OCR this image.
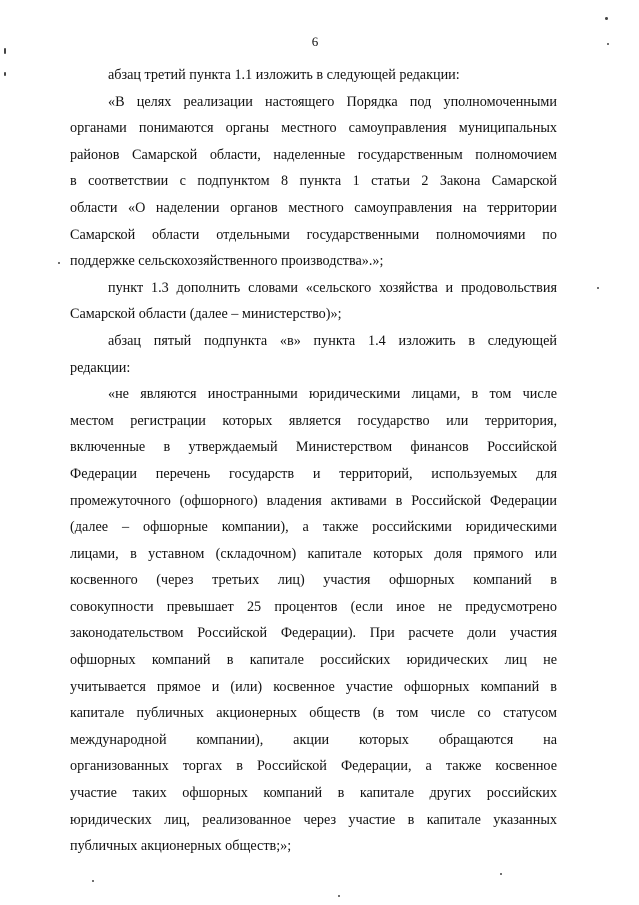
6

абзац третий пункта 1.1 изложить в следующей редакции:

«В целях реализации настоящего Порядка под уполномоченными
органами понимаются органы местного самоуправления муниципальных
районов Самарской области, наделенные государственным полномочием
в соответствии с подпунктом 8 пункта 1 статьи 2 Закона Самарской
области «О наделении органов местного самоуправления на территории
Самарской области отдельными государственными полномочиями по
поддержке сельскохозяйственного производства».»;

пункт 1.3 дополнить словами «сельского хозяйства и продовольствия
Самарской области (далее – министерство)»;

абзац пятый подпункта «в» пункта 1.4 изложить в следующей
редакции:

«не являются иностранными юридическими лицами, в том числе
местом регистрации которых является государство или территория,
включенные в утверждаемый Министерством финансов Российской
Федерации перечень государств и территорий, используемых для
промежуточного (офшорного) владения активами в Российской Федерации
(далее – офшорные компании), а также российскими юридическими
лицами, в уставном (складочном) капитале которых доля прямого или
косвенного (через третьих лиц) участия офшорных компаний в
совокупности превышает 25 процентов (если иное не предусмотрено
законодательством Российской Федерации). При расчете доли участия
офшорных компаний в капитале российских юридических лиц не
учитывается прямое и (или) косвенное участие офшорных компаний в
капитале публичных акционерных обществ (в том числе со статусом
международной компании), акции которых обращаются на
организованных торгах в Российской Федерации, а также косвенное
участие таких офшорных компаний в капитале других российских
юридических лиц, реализованное через участие в капитале указанных
публичных акционерных обществ;»;
